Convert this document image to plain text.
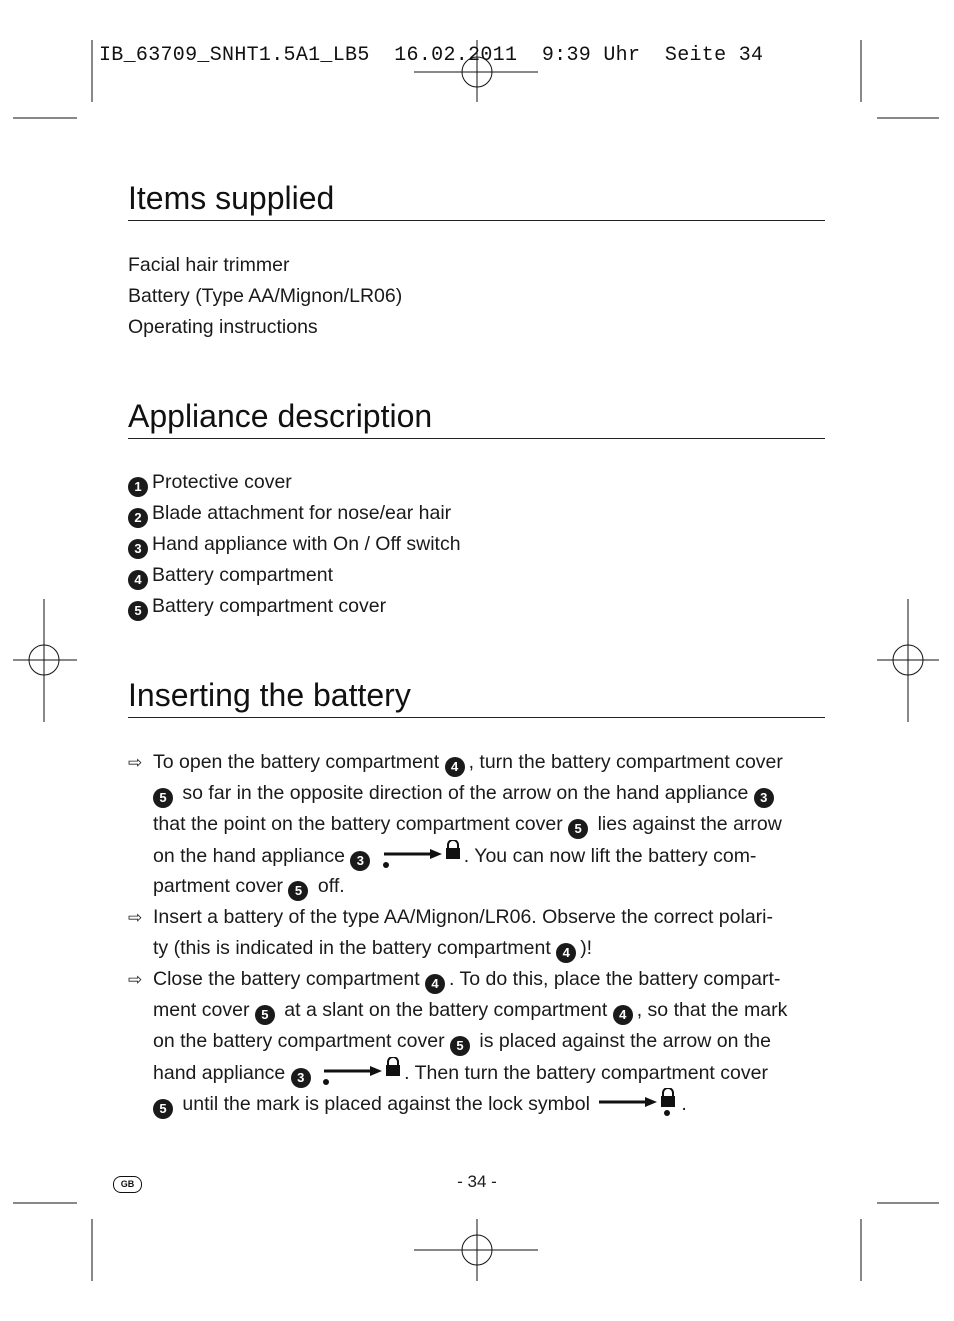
IB_63709_SNHT1.5A1_LB5  16.02.2011  9:39 Uhr  Seite 34
Items supplied
Facial hair trimmer
Battery (Type AA/Mignon/LR06)
Operating instructions
Appliance description
1 Protective cover
2 Blade attachment for nose/ear hair
3 Hand appliance with On / Off switch
4 Battery compartment
5 Battery compartment cover
Inserting the battery
⇨ To open the battery compartment 4 , turn the battery compartment cover
5 so far in the opposite direction of the arrow on the hand appliance 3
that the point on the battery compartment cover 5 lies against the arrow
on the hand appliance 3	. You can now lift the battery com-
partment cover 5 off.
⇨ Insert a battery of the type AA/Mignon/LR06. Observe the correct polari-
ty (this is indicated in the battery compartment 4 )!
⇨ Close the battery compartment 4 . To do this, place the battery compart-
ment cover 5 at a slant on the battery compartment 4 , so that the mark
on the battery compartment cover 5 is placed against the arrow on the
hand appliance 3	. Then turn the battery compartment cover
5 until the mark is placed against the lock symbol	.
GB	- 34 -
